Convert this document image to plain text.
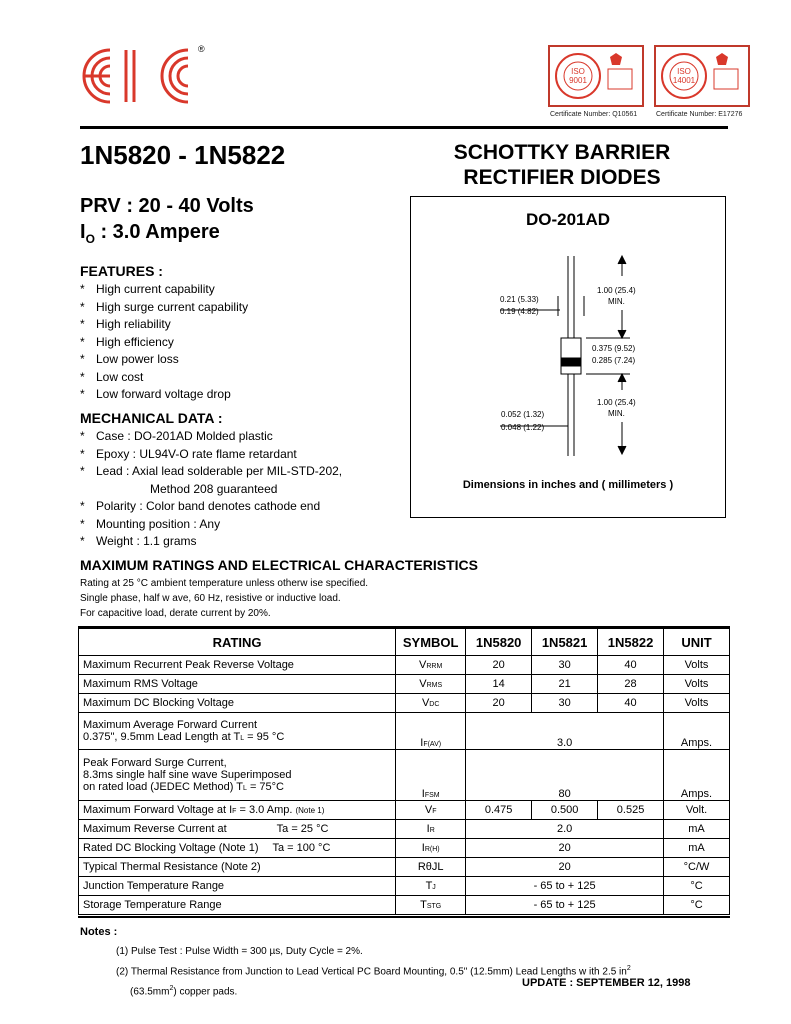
®
ISO
9001
Certificate Number: Q10561
ISO
14001
Certificate Number: E17276
1N5820 - 1N5822	SCHOTTKY BARRIER
RECTIFIER DIODES
PRV : 20 - 40 Volts
$I_O$ : 3.0 Ampere
FEATURES :
* High current capability
* High surge current capability
* High reliability
* High efficiency
* Low power loss
* Low cost
* Low forward voltage drop
MECHANICAL DATA :
* Case : DO-201AD Molded plastic
* Epoxy : UL94V-O rate flame retardant
* Lead : Axial lead solderable per MIL-STD-202,
Method 208 guaranteed
* Polarity : Color band denotes cathode end
* Mounting position : Any
* Weight : 1.1 grams
DO-201AD
0.21 (5.33)
0.19 (4.82)
1.00 (25.4)
MIN.
0.375 (9.52)
0.285 (7.24)
1.00 (25.4)
MIN.
0.052 (1.32)
0.048 (1.22)
Dimensions in inches and ( millimeters )
MAXIMUM RATINGS AND ELECTRICAL CHARACTERISTICS
Rating at 25 °C ambient temperature unless otherw ise specified.
Single phase, half w ave, 60 Hz, resistive or inductive load.
For capacitive load, derate current by 20%.
RATING	SYMBOL	1N5820	1N5821	1N5822	UNIT
Maximum Recurrent Peak Reverse Voltage	VRRM	20	30	40	Volts
Maximum RMS Voltage	VRMS	14	21	28	Volts
Maximum DC Blocking Voltage	VDC	20	30	40	Volts

Maximum Average Forward Current
0.375", 9.5mm Lead Length at TL = 95 °C	IF(AV)	3.0			Amps.

Peak Forward Surge Current,
8.3ms single half sine wave Superimposed
on rated load (JEDEC Method) TL = 75°C	IFSM	80			Amps.
Maximum Forward Voltage at IF = 3.0 Amp. (Note 1)	VF	0.475	0.500	0.525	Volt.
Maximum Reverse Current at Ta = 25 °C	IR	2.0			mA
Rated DC Blocking Voltage (Note 1) Ta = 100 °C	IR(H)	20			mA
Typical Thermal Resistance (Note 2)	RθJL	20			°C/W
Junction Temperature Range	TJ	- 65 to + 125			°C
Storage Temperature Range	TSTG	- 65 to + 125			°C
Notes :
(1) Pulse Test : Pulse Width = 300 µs, Duty Cycle = 2%.
(2) Thermal Resistance from Junction to Lead Vertical PC Board Mounting, 0.5" (12.5mm) Lead Lengths w ith 2.5 $in^2$
$(63.5mm^2)$ copper pads.
UPDATE : SEPTEMBER 12, 1998
